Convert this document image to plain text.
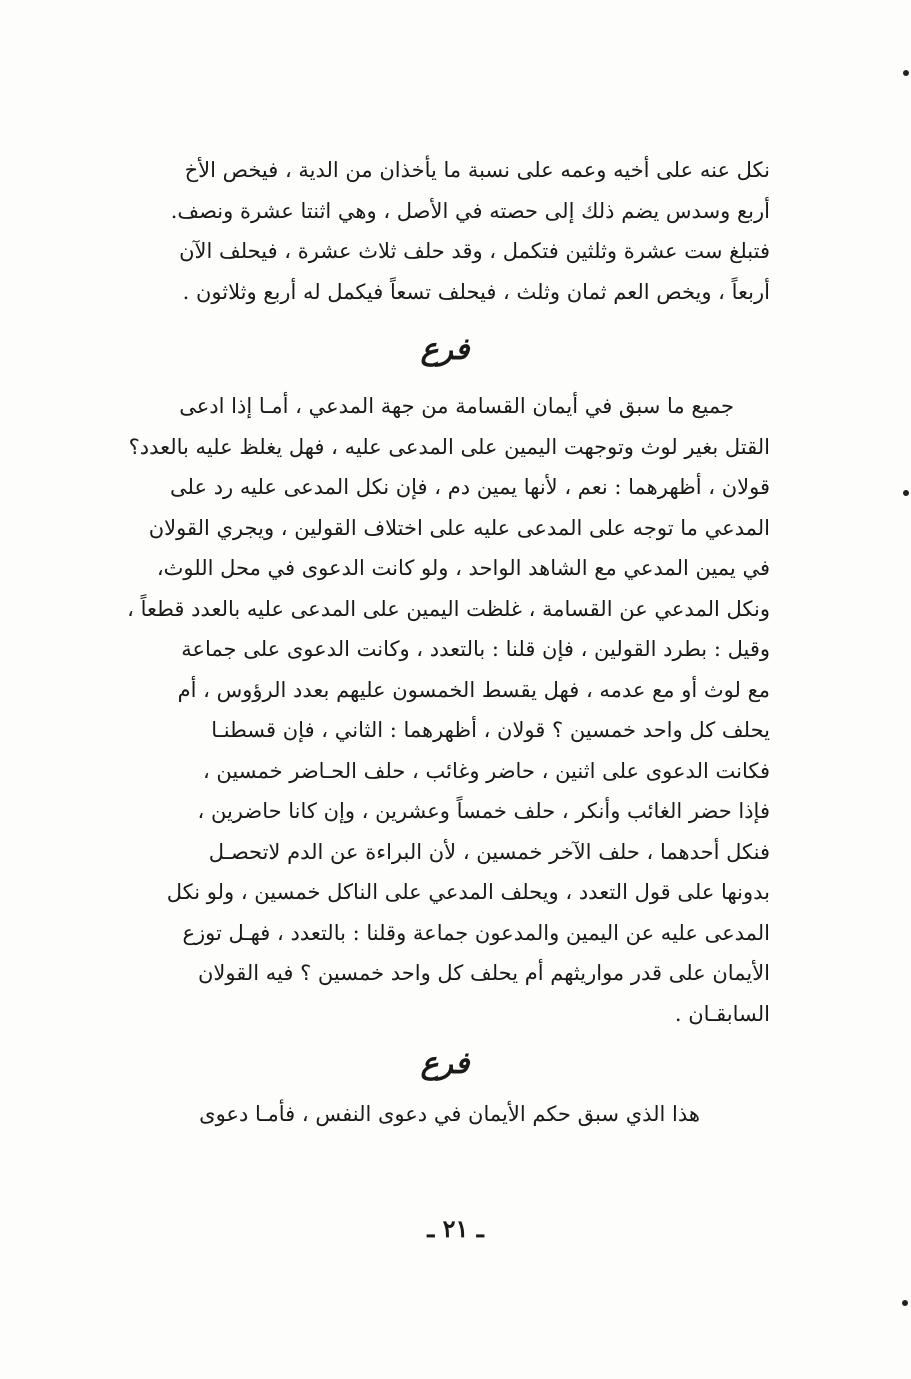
نكل عنه على أخيه وعمه على نسبة ما يأخذان من الدية ، فيخص الأخ

أربع وسدس يضم ذلك إلى حصته في الأصل ، وهي اثنتا عشرة ونصف.

فتبلغ ست عشرة وثلثين فتكمل ، وقد حلف ثلاث عشرة ، فيحلف الآن

أربعاً ، ويخص العم ثمان وثلث ، فيحلف تسعاً فيكمل له أربع وثلاثون .

فرع

جميع ما سبق في أيمان القسامة من جهة المدعي ، أمـا إذا ادعى

القتل بغير لوث وتوجهت اليمين على المدعى عليه ، فهل يغلظ عليه بالعدد؟

قولان ، أظهرهما : نعم ، لأنها يمين دم ، فإن نكل المدعى عليه رد على

المدعي ما توجه على المدعى عليه على اختلاف القولين ، ويجري القولان

في يمين المدعي مع الشاهد الواحد ، ولو كانت الدعوى في محل اللوث،

ونكل المدعي عن القسامة ، غلظت اليمين على المدعى عليه بالعدد قطعاً ،

وقيل : بطرد القولين ، فإن قلنا : بالتعدد ، وكانت الدعوى على جماعة

مع لوث أو مع عدمه ، فهل يقسط الخمسون عليهم بعدد الرؤوس ، أم

يحلف كل واحد خمسين ؟ قولان ، أظهرهما : الثاني ، فإن قسطنـا

فكانت الدعوى على اثنين ، حاضر وغائب ، حلف الحـاضر خمسين ،

فإذا حضر الغائب وأنكر ، حلف خمساً وعشرين ، وإن كانا حاضرين ،

فنكل أحدهما ، حلف الآخر خمسين ، لأن البراءة عن الدم لاتحصـل

بدونها على قول التعدد ، ويحلف المدعي على الناكل خمسين ، ولو نكل

المدعى عليه عن اليمين والمدعون جماعة وقلنا : بالتعدد ، فهـل توزع

الأيمان على قدر مواريثهم أم يحلف كل واحد خمسين ؟ فيه القولان

السابقـان .

فرع

هذا الذي سبق حكم الأيمان في دعوى النفس ، فأمـا دعوى

ـ ٢١ ـ
